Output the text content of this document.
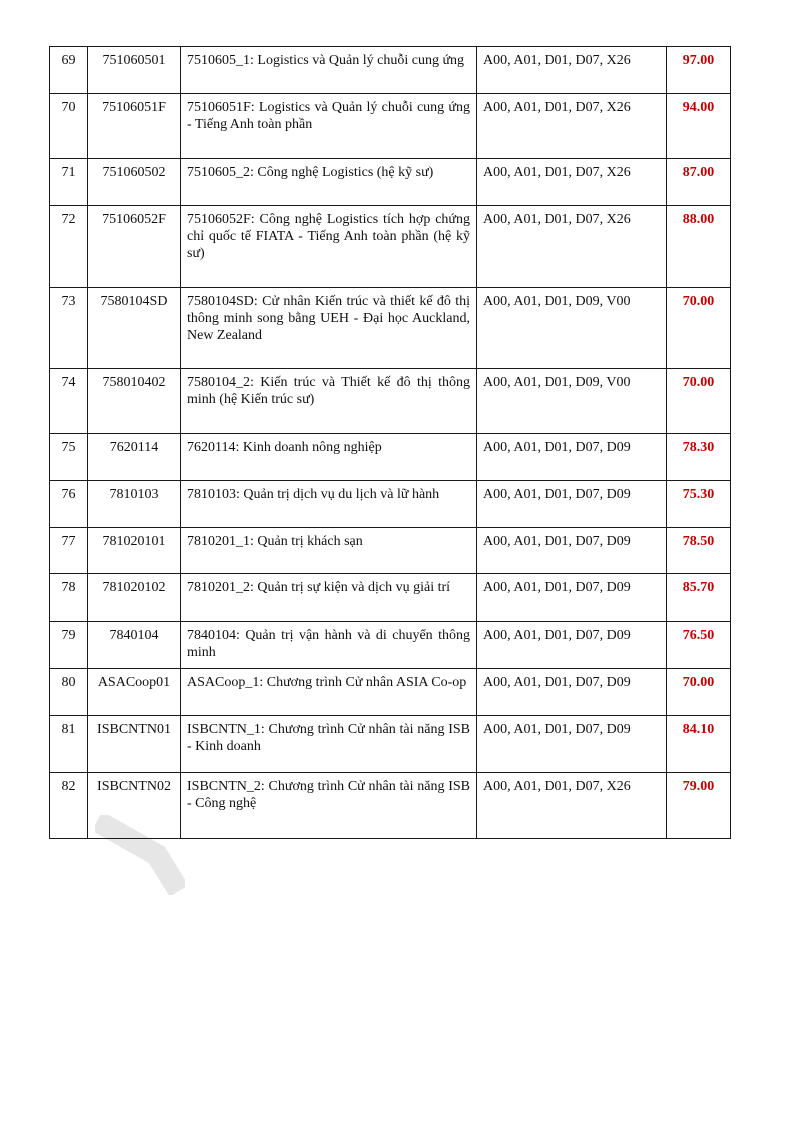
69	751060501	7510605_1: Logistics và Quản lý chuỗi cung ứng	A00, A01, D01, D07, X26	97.00
70	75106051F	75106051F: Logistics và Quản lý chuỗi cung ứng - Tiếng Anh toàn phần	A00, A01, D01, D07, X26	94.00
71	751060502	7510605_2: Công nghệ Logistics (hệ kỹ sư)	A00, A01, D01, D07, X26	87.00
72	75106052F	75106052F: Công nghệ Logistics tích hợp chứng chỉ quốc tế FIATA - Tiếng Anh toàn phần (hệ kỹ sư)	A00, A01, D01, D07, X26	88.00
73	7580104SD	7580104SD: Cử nhân Kiến trúc và thiết kế đô thị thông minh song bằng UEH - Đại học Auckland, New Zealand	A00, A01, D01, D09, V00	70.00
74	758010402	7580104_2: Kiến trúc và Thiết kế đô thị thông minh (hệ Kiến trúc sư)	A00, A01, D01, D09, V00	70.00
75	7620114	7620114: Kinh doanh nông nghiệp	A00, A01, D01, D07, D09	78.30
76	7810103	7810103: Quản trị dịch vụ du lịch và lữ hành	A00, A01, D01, D07, D09	75.30
77	781020101	7810201_1: Quản trị khách sạn	A00, A01, D01, D07, D09	78.50
78	781020102	7810201_2: Quản trị sự kiện và dịch vụ giải trí	A00, A01, D01, D07, D09	85.70
79	7840104	7840104: Quản trị vận hành và di chuyển thông minh	A00, A01, D01, D07, D09	76.50
80	ASACoop01	ASACoop_1: Chương trình Cử nhân ASIA Co-op	A00, A01, D01, D07, D09	70.00
81	ISBCNTN01	ISBCNTN_1: Chương trình Cử nhân tài năng ISB - Kinh doanh	A00, A01, D01, D07, D09	84.10
82	ISBCNTN02	ISBCNTN_2: Chương trình Cử nhân tài năng ISB - Công nghệ	A00, A01, D01, D07, X26	79.00
